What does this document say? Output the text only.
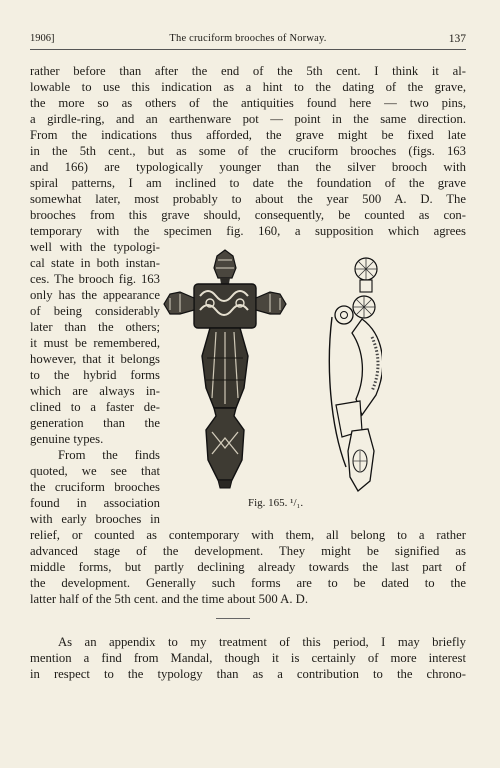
1906]	The cruciform brooches of Norway.	137
rather before than after the end of the 5th cent. I think it al-
lowable to use this indication as a hint to the dating of the grave,
the more so as others of the antiquities found here — two pins,
a girdle-ring, and an earthenware pot — point in the same direction.
From the indications thus afforded, the grave might be fixed late
in the 5th cent., but as some of the cruciform brooches (figs. 163
and 166) are typologically younger than the silver brooch with
spiral patterns, I am inclined to date the foundation of the grave
somewhat later, most probably to about the year 500 A. D. The
brooches from this grave should, consequently, be counted as con-
temporary with the specimen fig. 160, a supposition which agrees
well with the typologi-
cal state in both instan-
ces. The brooch fig. 163
only has the appearance
of being considerably
later than the others;
it must be remembered,
however, that it belongs
to the hybrid forms
which are always in-
clined to a faster de-
generation than the
genuine types.
From the finds
quoted, we see that
the cruciform brooches
found in association
with early brooches in
relief, or counted as contemporary with them, all belong to a rather
advanced stage of the development. They might be signified as
middle forms, but partly declining already towards the last part of
the development. Generally such forms are to be dated to the
latter half of the 5th cent. and the time about 500 A. D.
As an appendix to my treatment of this period, I may briefly
mention a find from Mandal, though it is certainly of more interest
in respect to the typology than as a contribution to the chrono-
Fig. 165. ¹/₁.
